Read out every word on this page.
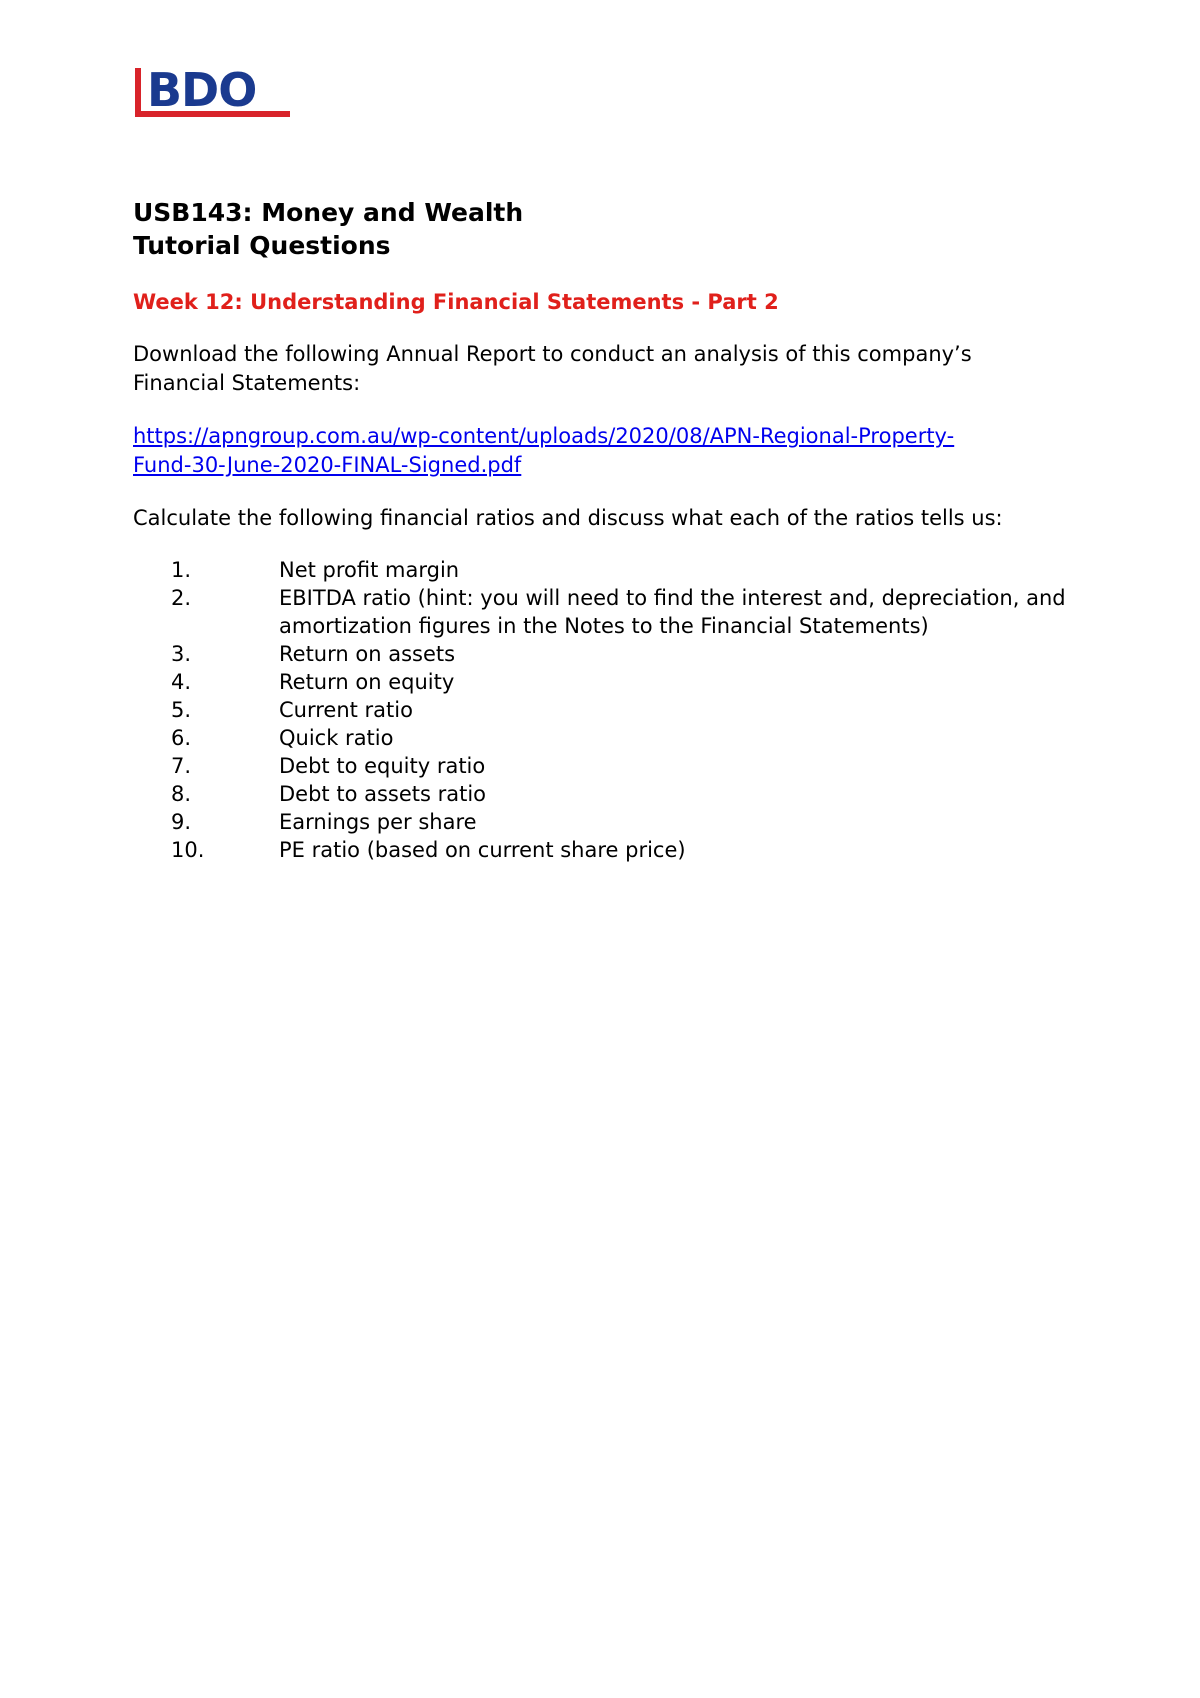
BDO
USB143: Money and Wealth
Tutorial Questions
Week 12: Understanding Financial Statements - Part 2
Download the following Annual Report to conduct an analysis of this company’s
Financial Statements:
https://apngroup.com.au/wp-content/uploads/2020/08/APN-Regional-Property-
Fund-30-June-2020-FINAL-Signed.pdf
Calculate the following financial ratios and discuss what each of the ratios tells us:
1.	Net profit margin
2.	EBITDA ratio (hint: you will need to find the interest and, depreciation, and amortization figures in the Notes to the Financial Statements)
3.	Return on assets
4.	Return on equity
5.	Current ratio
6.	Quick ratio
7.	Debt to equity ratio
8.	Debt to assets ratio
9.	Earnings per share
10.	PE ratio (based on current share price)
